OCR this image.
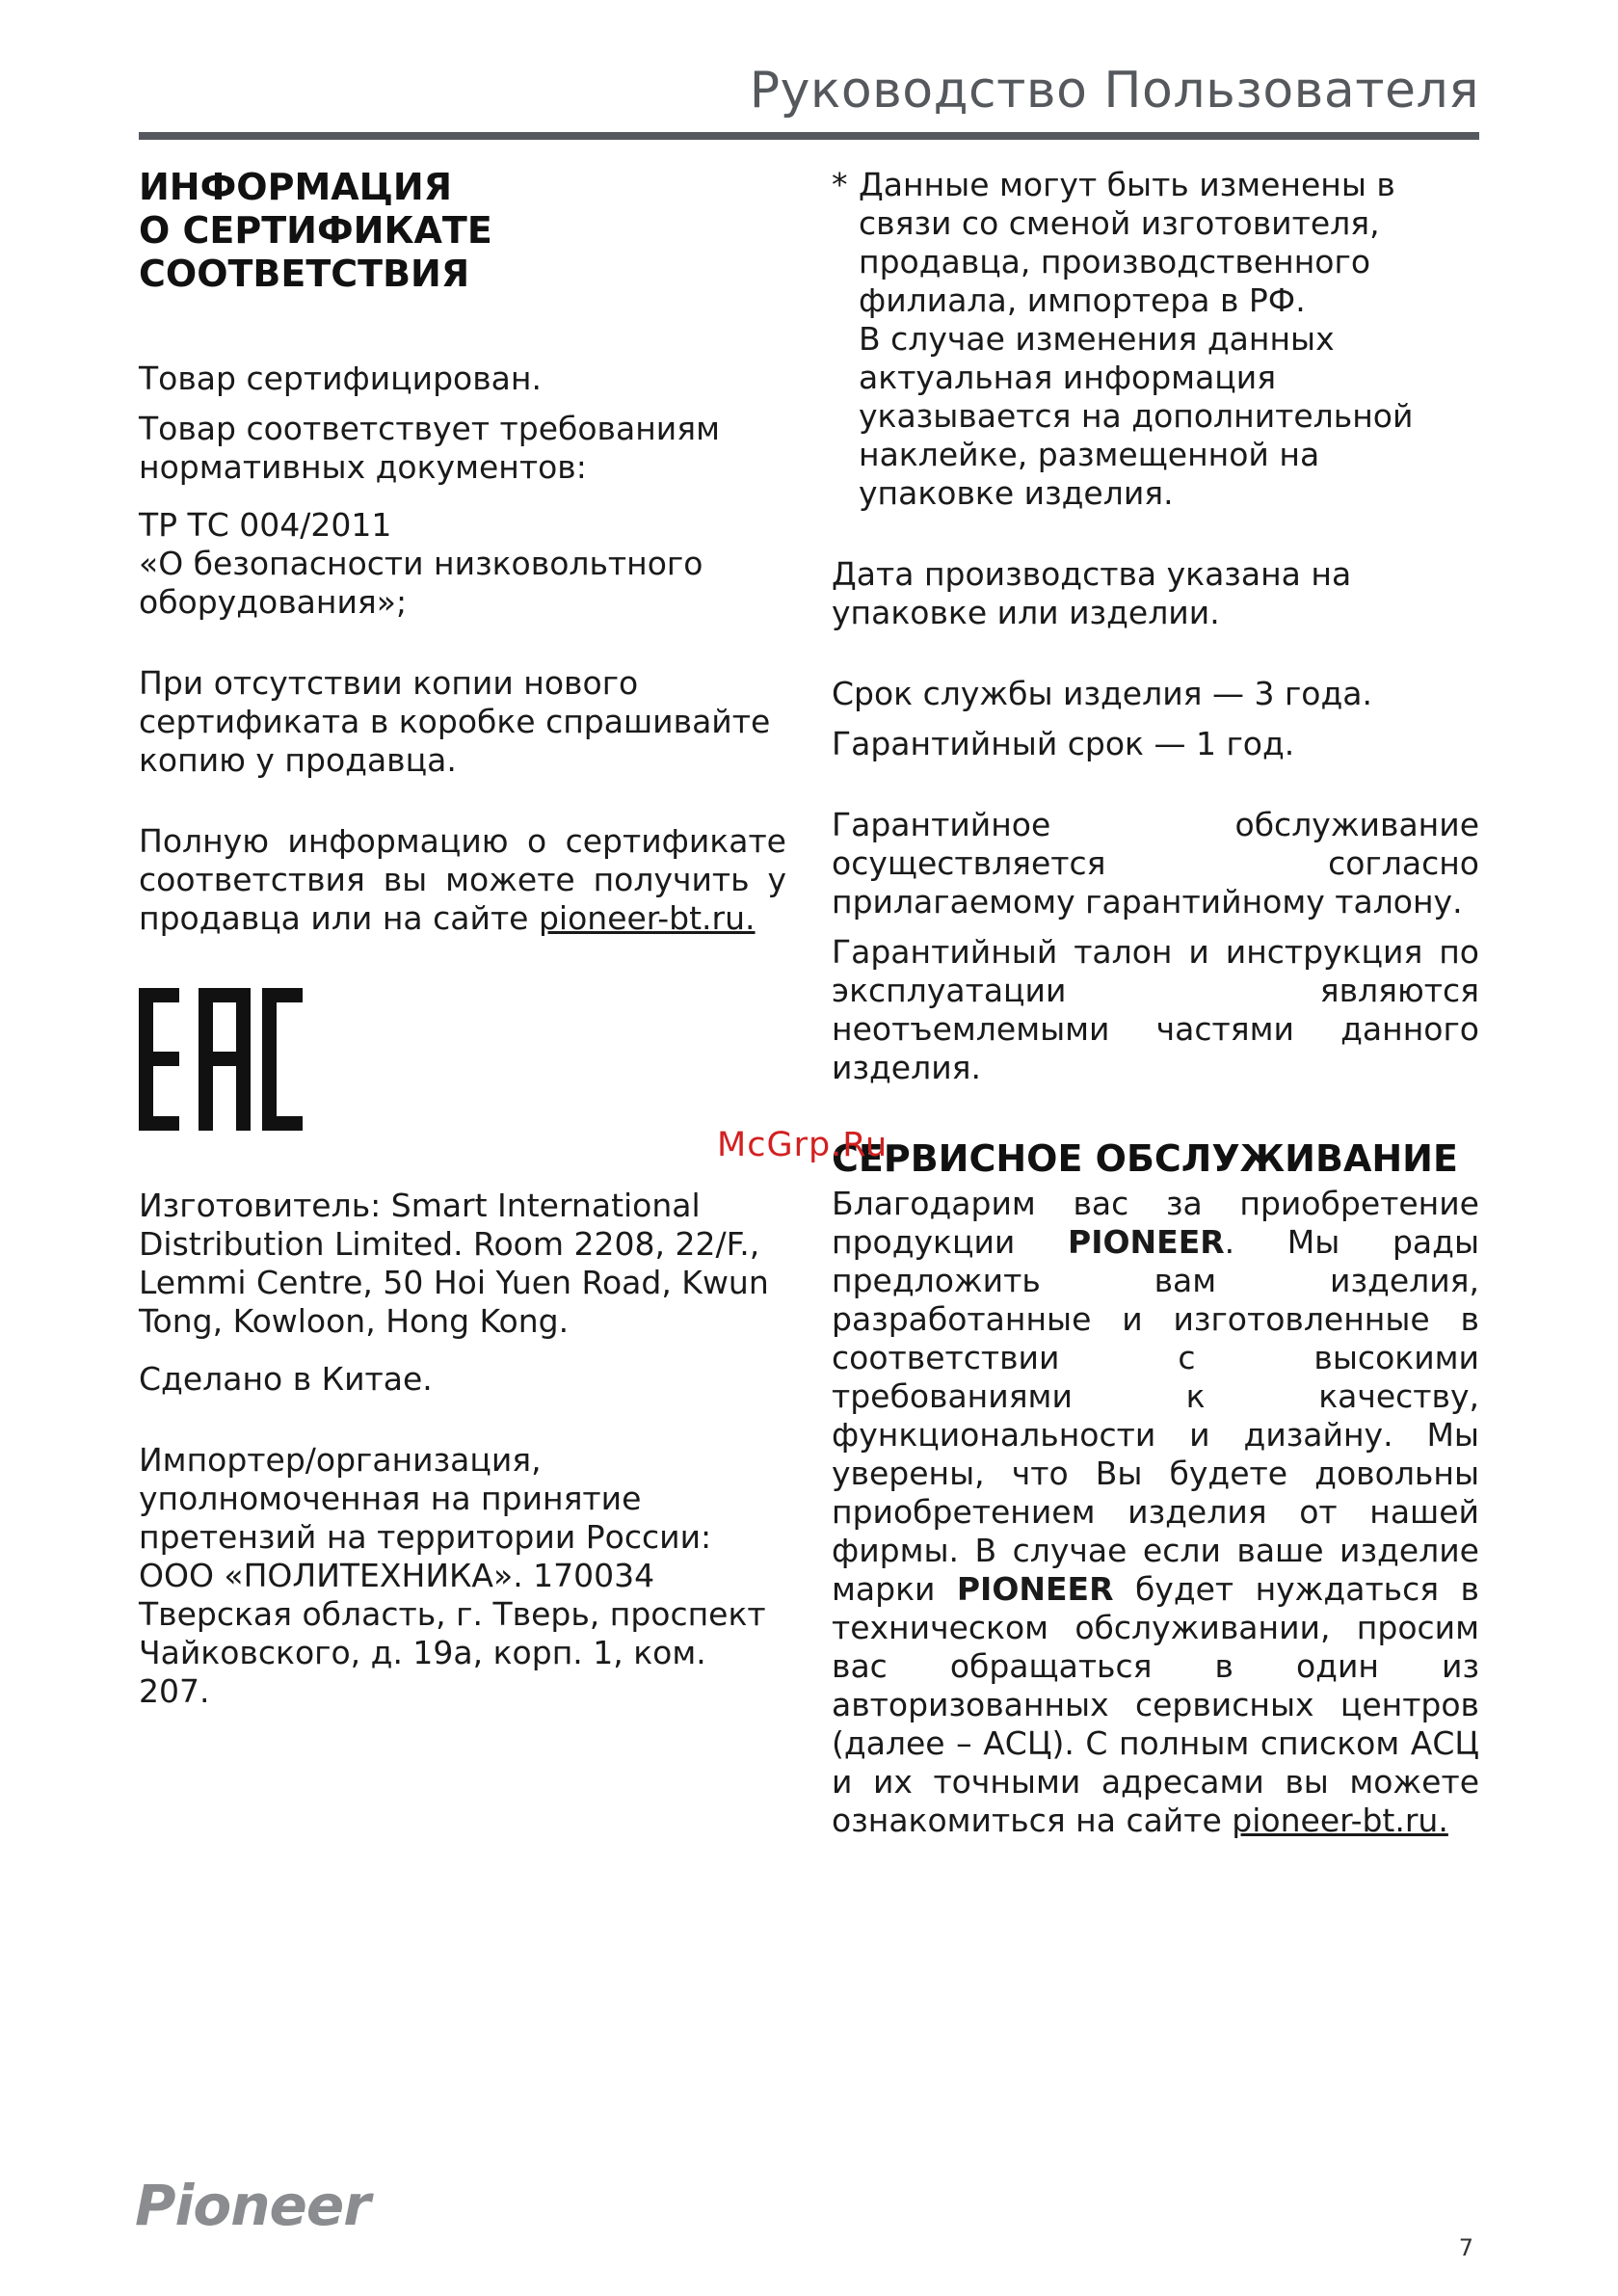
Руководство Пользователя
ИНФОРМАЦИЯ
О СЕРТИФИКАТЕ
СООТВЕТСТВИЯ

Товар сертифицирован.

Товар соответствует требованиям нормативных документов:

ТР ТС 004/2011
«О безопасности низковольтного оборудования»;

При отсутствии копии нового сертификата в коробке спрашивайте копию у продавца.

Полную информацию о сертификате соответствия вы можете получить у продавца или на сайте pioneer-bt.ru.

Изготовитель: Smart International Distribution Limited. Room 2208, 22/F., Lemmi Centre, 50 Hoi Yuen Road, Kwun Tong, Kowloon, Hong Kong.

Сделано в Китае.

Импортер/организация, уполномоченная на принятие претензий на территории России: ООО «ПОЛИТЕХНИКА». 170034 Тверская область, г. Тверь, проспект Чайковского, д. 19а, корп. 1, ком. 207.

* Данные могут быть изменены в связи со сменой изготовителя, продавца, производственного филиала, импортера в РФ.

В случае изменения данных актуальная информация указывается на дополнительной наклейке, размещенной на упаковке изделия.

Дата производства указана на упаковке или изделии.

Срок службы изделия — 3 года.

Гарантийный срок — 1 год.

Гарантийное обслуживание осуществляется согласно прилагаемому гарантийному талону.

Гарантийный талон и инструкция по эксплуатации являются неотъемлемыми частями данного изделия.

СЕРВИСНОЕ ОБСЛУЖИВАНИЕ

Благодарим вас за приобретение продукции PIONEER. Мы рады предложить вам изделия, разработанные и изготовленные в соответствии с высокими требованиями к качеству, функциональности и дизайну. Мы уверены, что Вы будете довольны приобретением изделия от нашей фирмы. В случае если ваше изделие марки PIONEER будет нуждаться в техническом обслуживании, просим вас обращаться в один из авторизованных сервисных центров (далее – АСЦ). С полным списком АСЦ и их точными адресами вы можете ознакомиться на сайте pioneer-bt.ru.

McGrp.Ru
Pioneer
7
